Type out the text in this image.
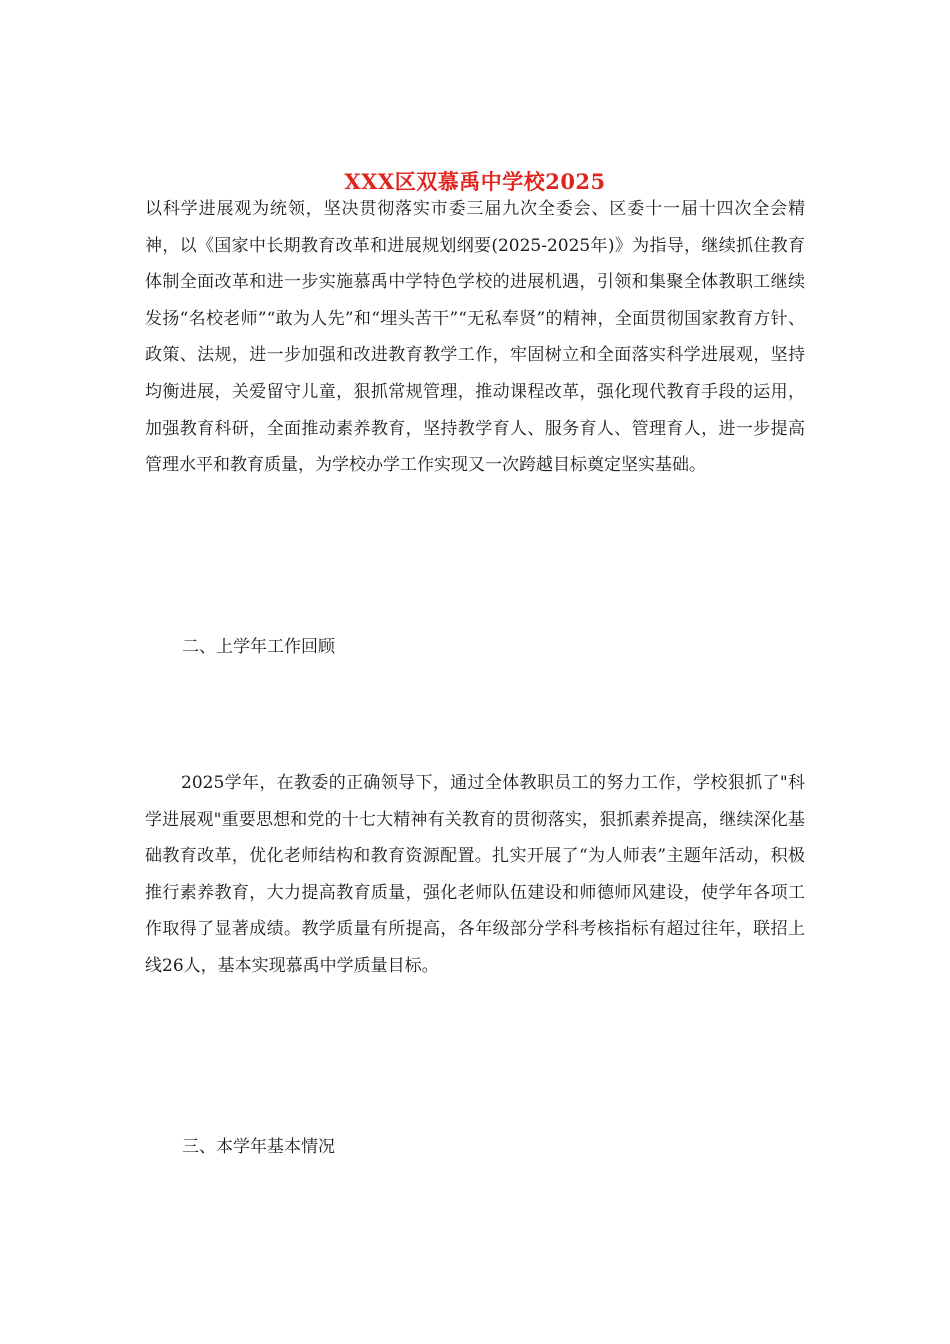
XXX区双慕禹中学校2025

以科学进展观为统领，坚决贯彻落实市委三届九次全委会、区委十一届十四次全会精神，以《国家中长期教育改革和进展规划纲要(2025-2025年)》为指导，继续抓住教育体制全面改革和进一步实施慕禹中学特色学校的进展机遇，引领和集聚全体教职工继续发扬“名校老师”“敢为人先”和“埋头苦干”“无私奉贤”的精神，全面贯彻国家教育方针、政策、法规，进一步加强和改进教育教学工作，牢固树立和全面落实科学进展观，坚持均衡进展，关爱留守儿童，狠抓常规管理，推动课程改革，强化现代教育手段的运用，加强教育科研，全面推动素养教育，坚持教学育人、服务育人、管理育人，进一步提高管理水平和教育质量，为学校办学工作实现又一次跨越目标奠定坚实基础。

二、上学年工作回顾

2025学年，在教委的正确领导下，通过全体教职员工的努力工作，学校狠抓了"科学进展观"重要思想和党的十七大精神有关教育的贯彻落实，狠抓素养提高，继续深化基础教育改革，优化老师结构和教育资源配置。扎实开展了“为人师表”主题年活动，积极推行素养教育，大力提高教育质量，强化老师队伍建设和师德师风建设，使学年各项工作取得了显著成绩。教学质量有所提高，各年级部分学科考核指标有超过往年，联招上线26人，基本实现慕禹中学质量目标。

三、本学年基本情况
